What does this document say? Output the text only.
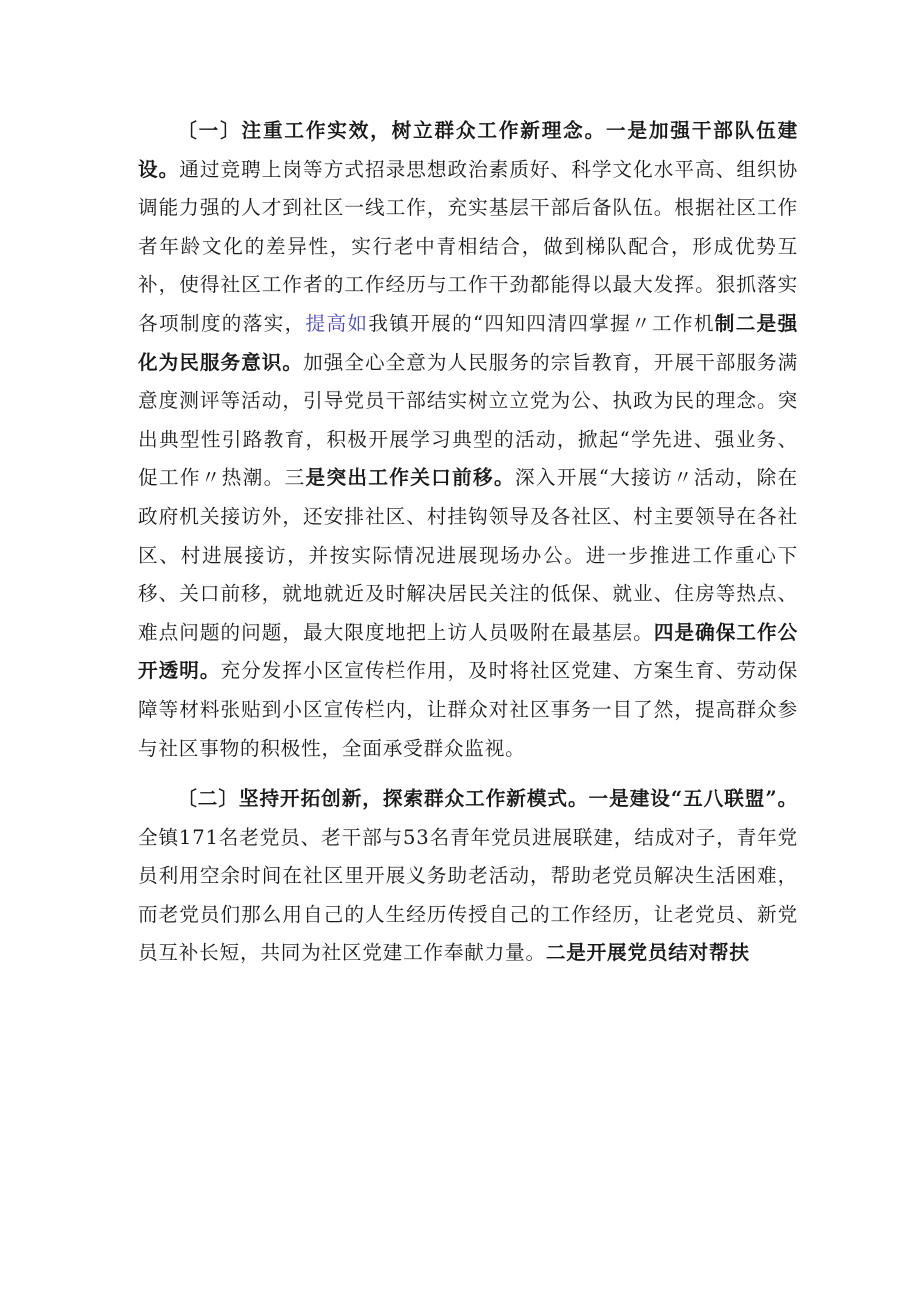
〔一〕注重工作实效，树立群众工作新理念。一是加强干部队伍建设。通过竞聘上岗等方式招录思想政治素质好、科学文化水平高、组织协调能力强的人才到社区一线工作，充实基层干部后备队伍。根据社区工作者年龄文化的差异性，实行老中青相结合，做到梯队配合，形成优势互补，使得社区工作者的工作经历与工作干劲都能得以最大发挥。狠抓落实各项制度的落实，提高如我镇开展的“四知四清四掌握〃工作机制二是强化为民服务意识。加强全心全意为人民服务的宗旨教育，开展干部服务满意度测评等活动，引导党员干部结实树立立党为公、执政为民的理念。突出典型性引路教育，积极开展学习典型的活动，掀起“学先进、强业务、促工作〃热潮。三是突出工作关口前移。深入开展“大接访〃活动，除在政府机关接访外，还安排社区、村挂钩领导及各社区、村主要领导在各社区、村进展接访，并按实际情况进展现场办公。进一步推进工作重心下移、关口前移，就地就近及时解决居民关注的低保、就业、住房等热点、难点问题的问题，最大限度地把上访人员吸附在最基层。四是确保工作公开透明。充分发挥小区宣传栏作用，及时将社区党建、方案生育、劳动保障等材料张贴到小区宣传栏内，让群众对社区事务一目了然，提高群众参与社区事物的积极性，全面承受群众监视。

〔二〕坚持开拓创新，探索群众工作新模式。一是建设“五八联盟”。全镇171名老党员、老干部与53名青年党员进展联建，结成对子，青年党员利用空余时间在社区里开展义务助老活动，帮助老党员解决生活困难，而老党员们那么用自己的人生经历传授自己的工作经历，让老党员、新党员互补长短，共同为社区党建工作奉献力量。二是开展党员结对帮扶
